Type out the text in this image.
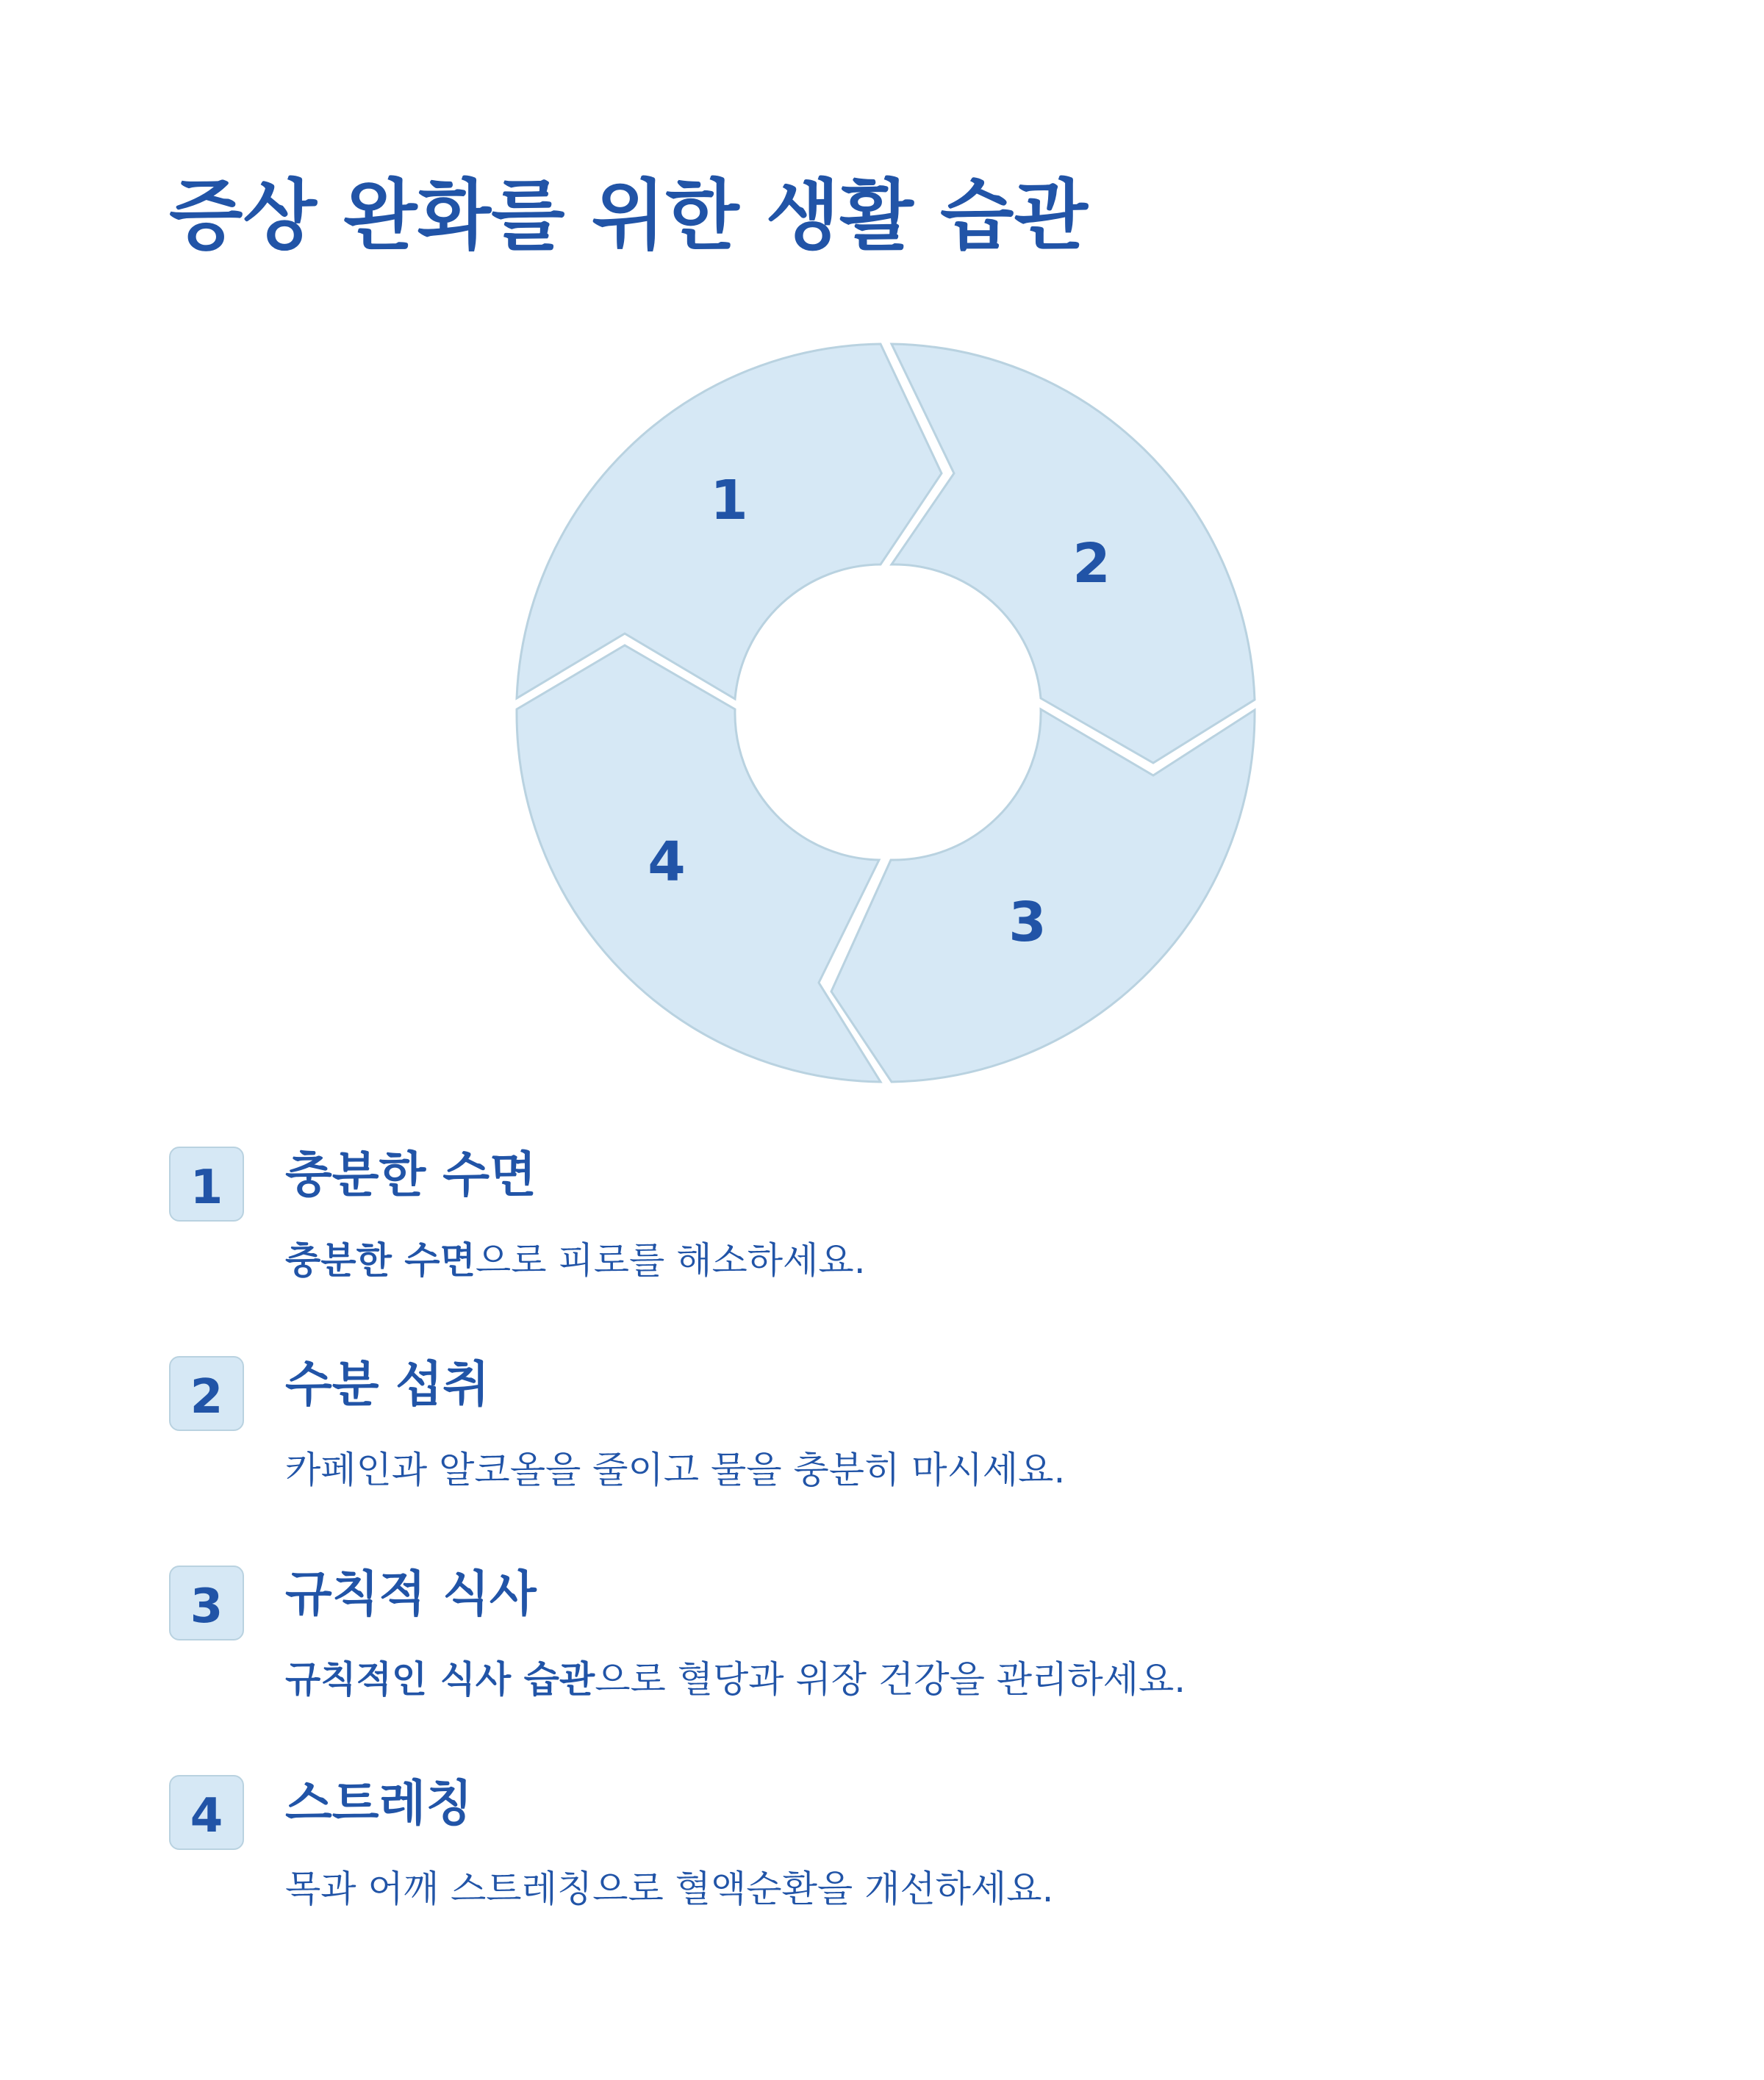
증상 완화를 위한 생활 습관
1
2
3
4
1	충분한 수면

충분한 수면으로 피로를 해소하세요.

2	수분 섭취

카페인과 알코올을 줄이고 물을 충분히 마시세요.

3	규칙적 식사

규칙적인 식사 습관으로 혈당과 위장 건강을 관리하세요.

4	스트레칭

목과 어깨 스트레칭으로 혈액순환을 개선하세요.
